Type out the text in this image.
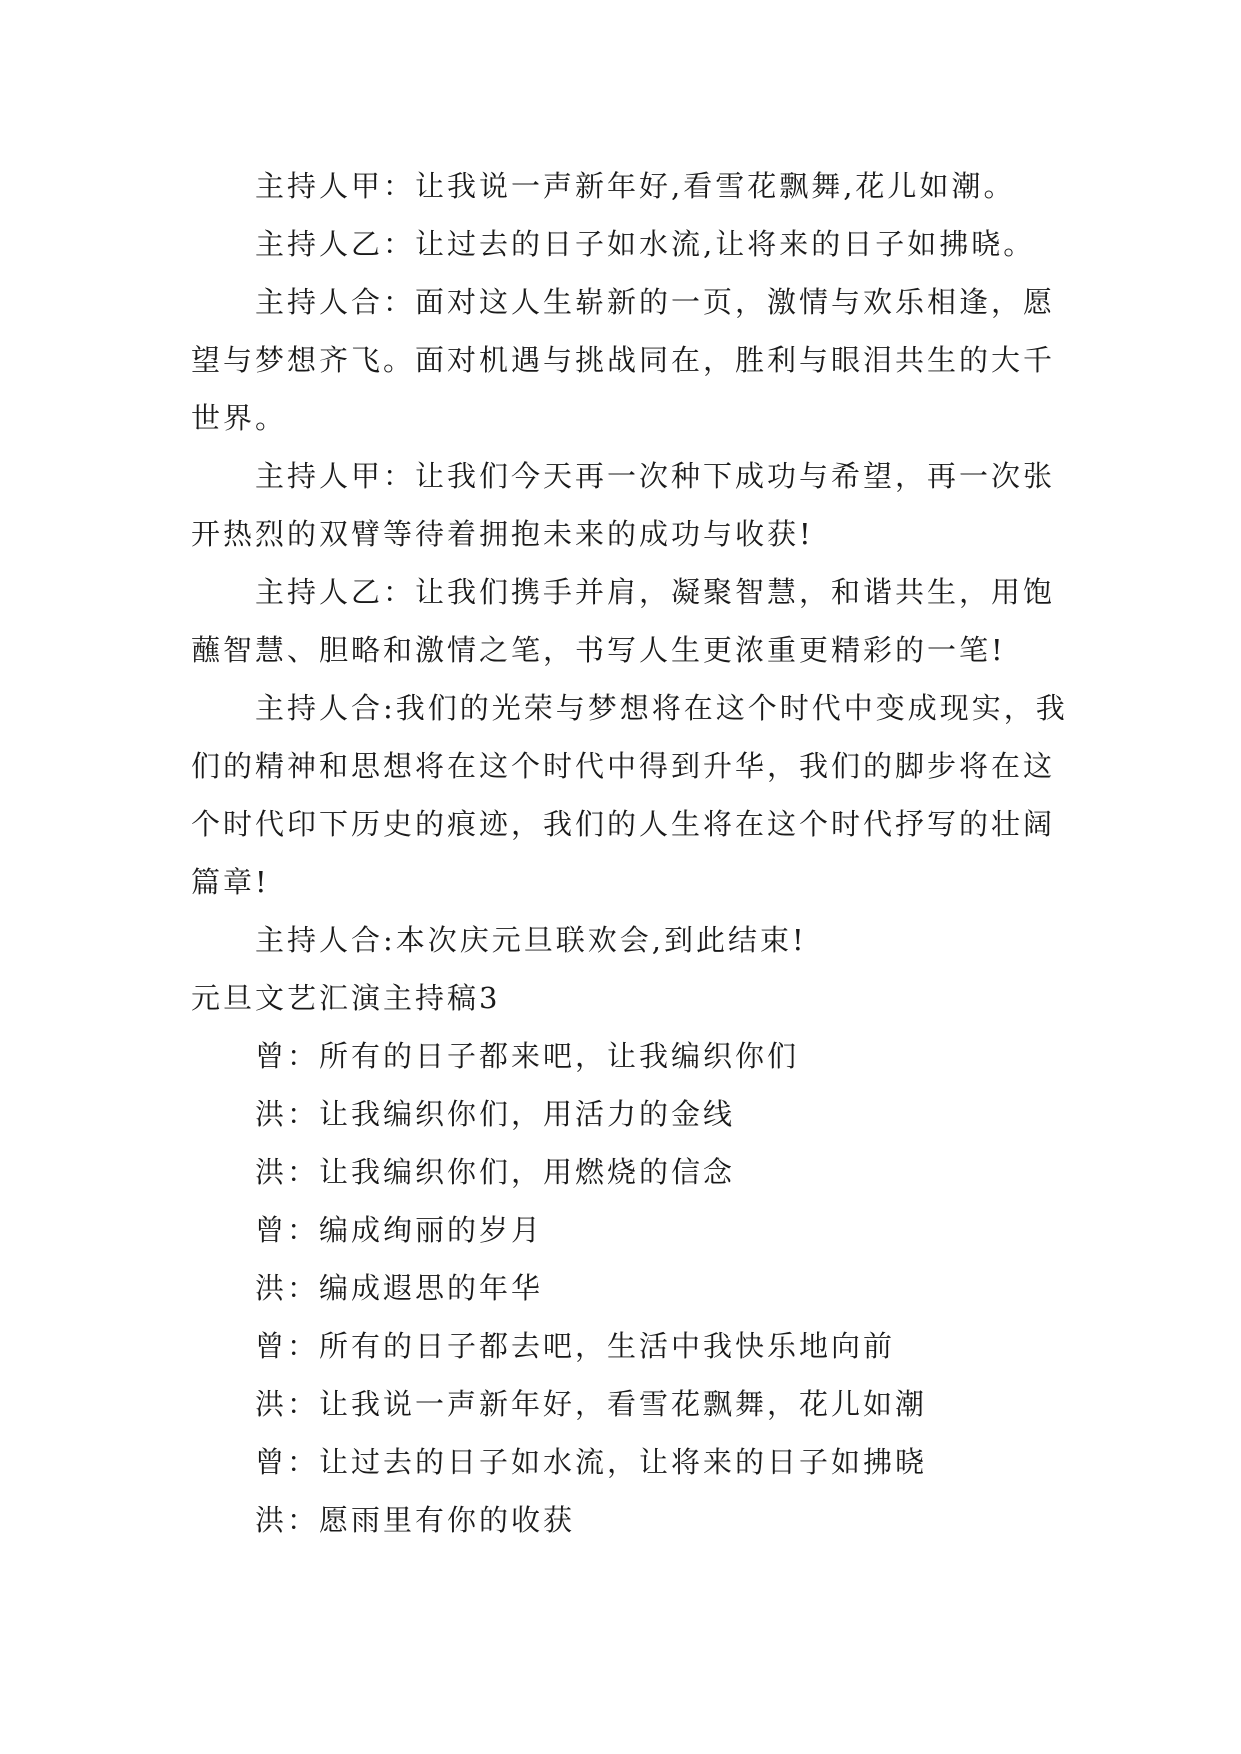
主持人甲：让我说一声新年好,看雪花飘舞,花儿如潮。

主持人乙：让过去的日子如水流,让将来的日子如拂晓。

主持人合：面对这人生崭新的一页，激情与欢乐相逢，愿望与梦想齐飞。面对机遇与挑战同在，胜利与眼泪共生的大千世界。

主持人甲：让我们今天再一次种下成功与希望，再一次张开热烈的双臂等待着拥抱未来的成功与收获!

主持人乙：让我们携手并肩，凝聚智慧，和谐共生，用饱蘸智慧、胆略和激情之笔，书写人生更浓重更精彩的一笔!

主持人合:我们的光荣与梦想将在这个时代中变成现实，我们的精神和思想将在这个时代中得到升华，我们的脚步将在这个时代印下历史的痕迹，我们的人生将在这个时代抒写的壮阔篇章!

主持人合:本次庆元旦联欢会,到此结束!

元旦文艺汇演主持稿3

曾：所有的日子都来吧，让我编织你们

洪：让我编织你们，用活力的金线

洪：让我编织你们，用燃烧的信念

曾：编成绚丽的岁月

洪：编成遐思的年华

曾：所有的日子都去吧，生活中我快乐地向前

洪：让我说一声新年好，看雪花飘舞，花儿如潮

曾：让过去的日子如水流，让将来的日子如拂晓

洪：愿雨里有你的收获
